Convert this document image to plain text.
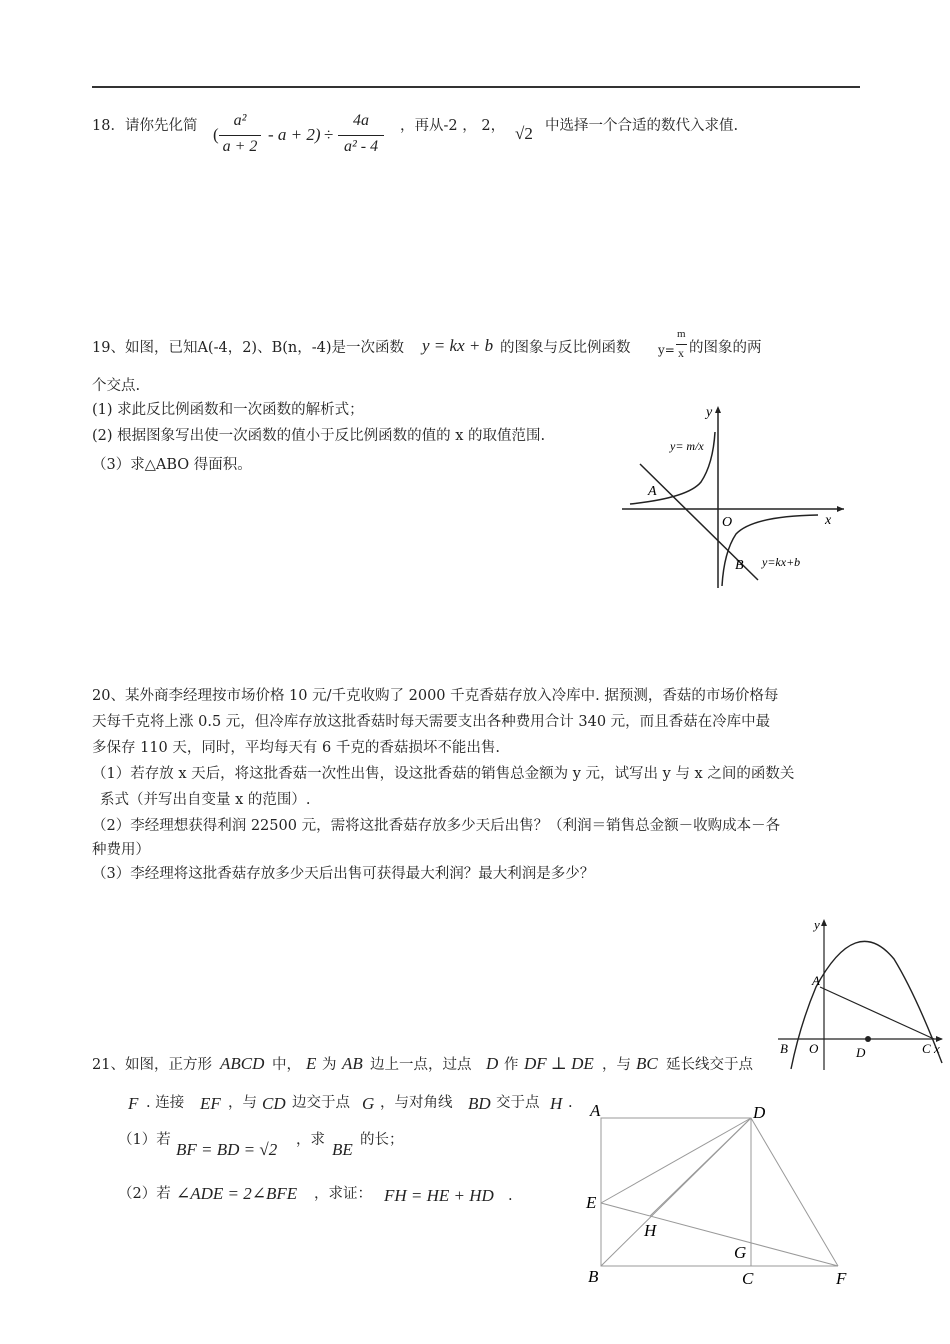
18．请你先化简 (
a²
a + 2
- a + 2) ÷
4a
a² - 4
，再从-2 ， 2， √2 中选择一个合适的数代入求值.
19、如图，已知A(-4，2)、B(n，-4)是一次函数 y = kx + b 的图象与反比例函数 y=
m
x 的图象的两
个交点.
(1) 求此反比例函数和一次函数的解析式；
(2) 根据图象写出使一次函数的值小于反比例函数的值的 x 的取值范围.
（3）求△ABO 得面积。
y
x
O
A
B
y= m/x
y=kx+b
20、某外商李经理按市场价格 10 元/千克收购了 2000 千克香菇存放入冷库中. 据预测，香菇的市场价格每
天每千克将上涨 0.5 元，但冷库存放这批香菇时每天需要支出各种费用合计 340 元，而且香菇在冷库中最
多保存 110 天，同时，平均每天有 6 千克的香菇损坏不能出售.
（1）若存放 x 天后，将这批香菇一次性出售，设这批香菇的销售总金额为 y 元，试写出 y 与 x 之间的函数关
系式（并写出自变量 x 的范围）.
（2）李经理想获得利润 22500 元，需将这批香菇存放多少天后出售？（利润＝销售总金额－收购成本－各
种费用）
（3）李经理将这批香菇存放多少天后出售可获得最大利润？最大利润是多少？
y
A
B O	D	C x
21、如图，正方形 ABCD 中， E 为 AB 边上一点，过点 D 作 DF ⊥ DE ，与 BC 延长线交于点
F . 连接 EF ，与 CD 边交于点 G ，与对角线 BD 交于点 H .
（1）若 BF = BD = √2 ，求 BE 的长；
（2）若 ∠ADE = 2∠BFE ，求证： FH = HE + HD .
A	D
E
H
G
B	C	F
